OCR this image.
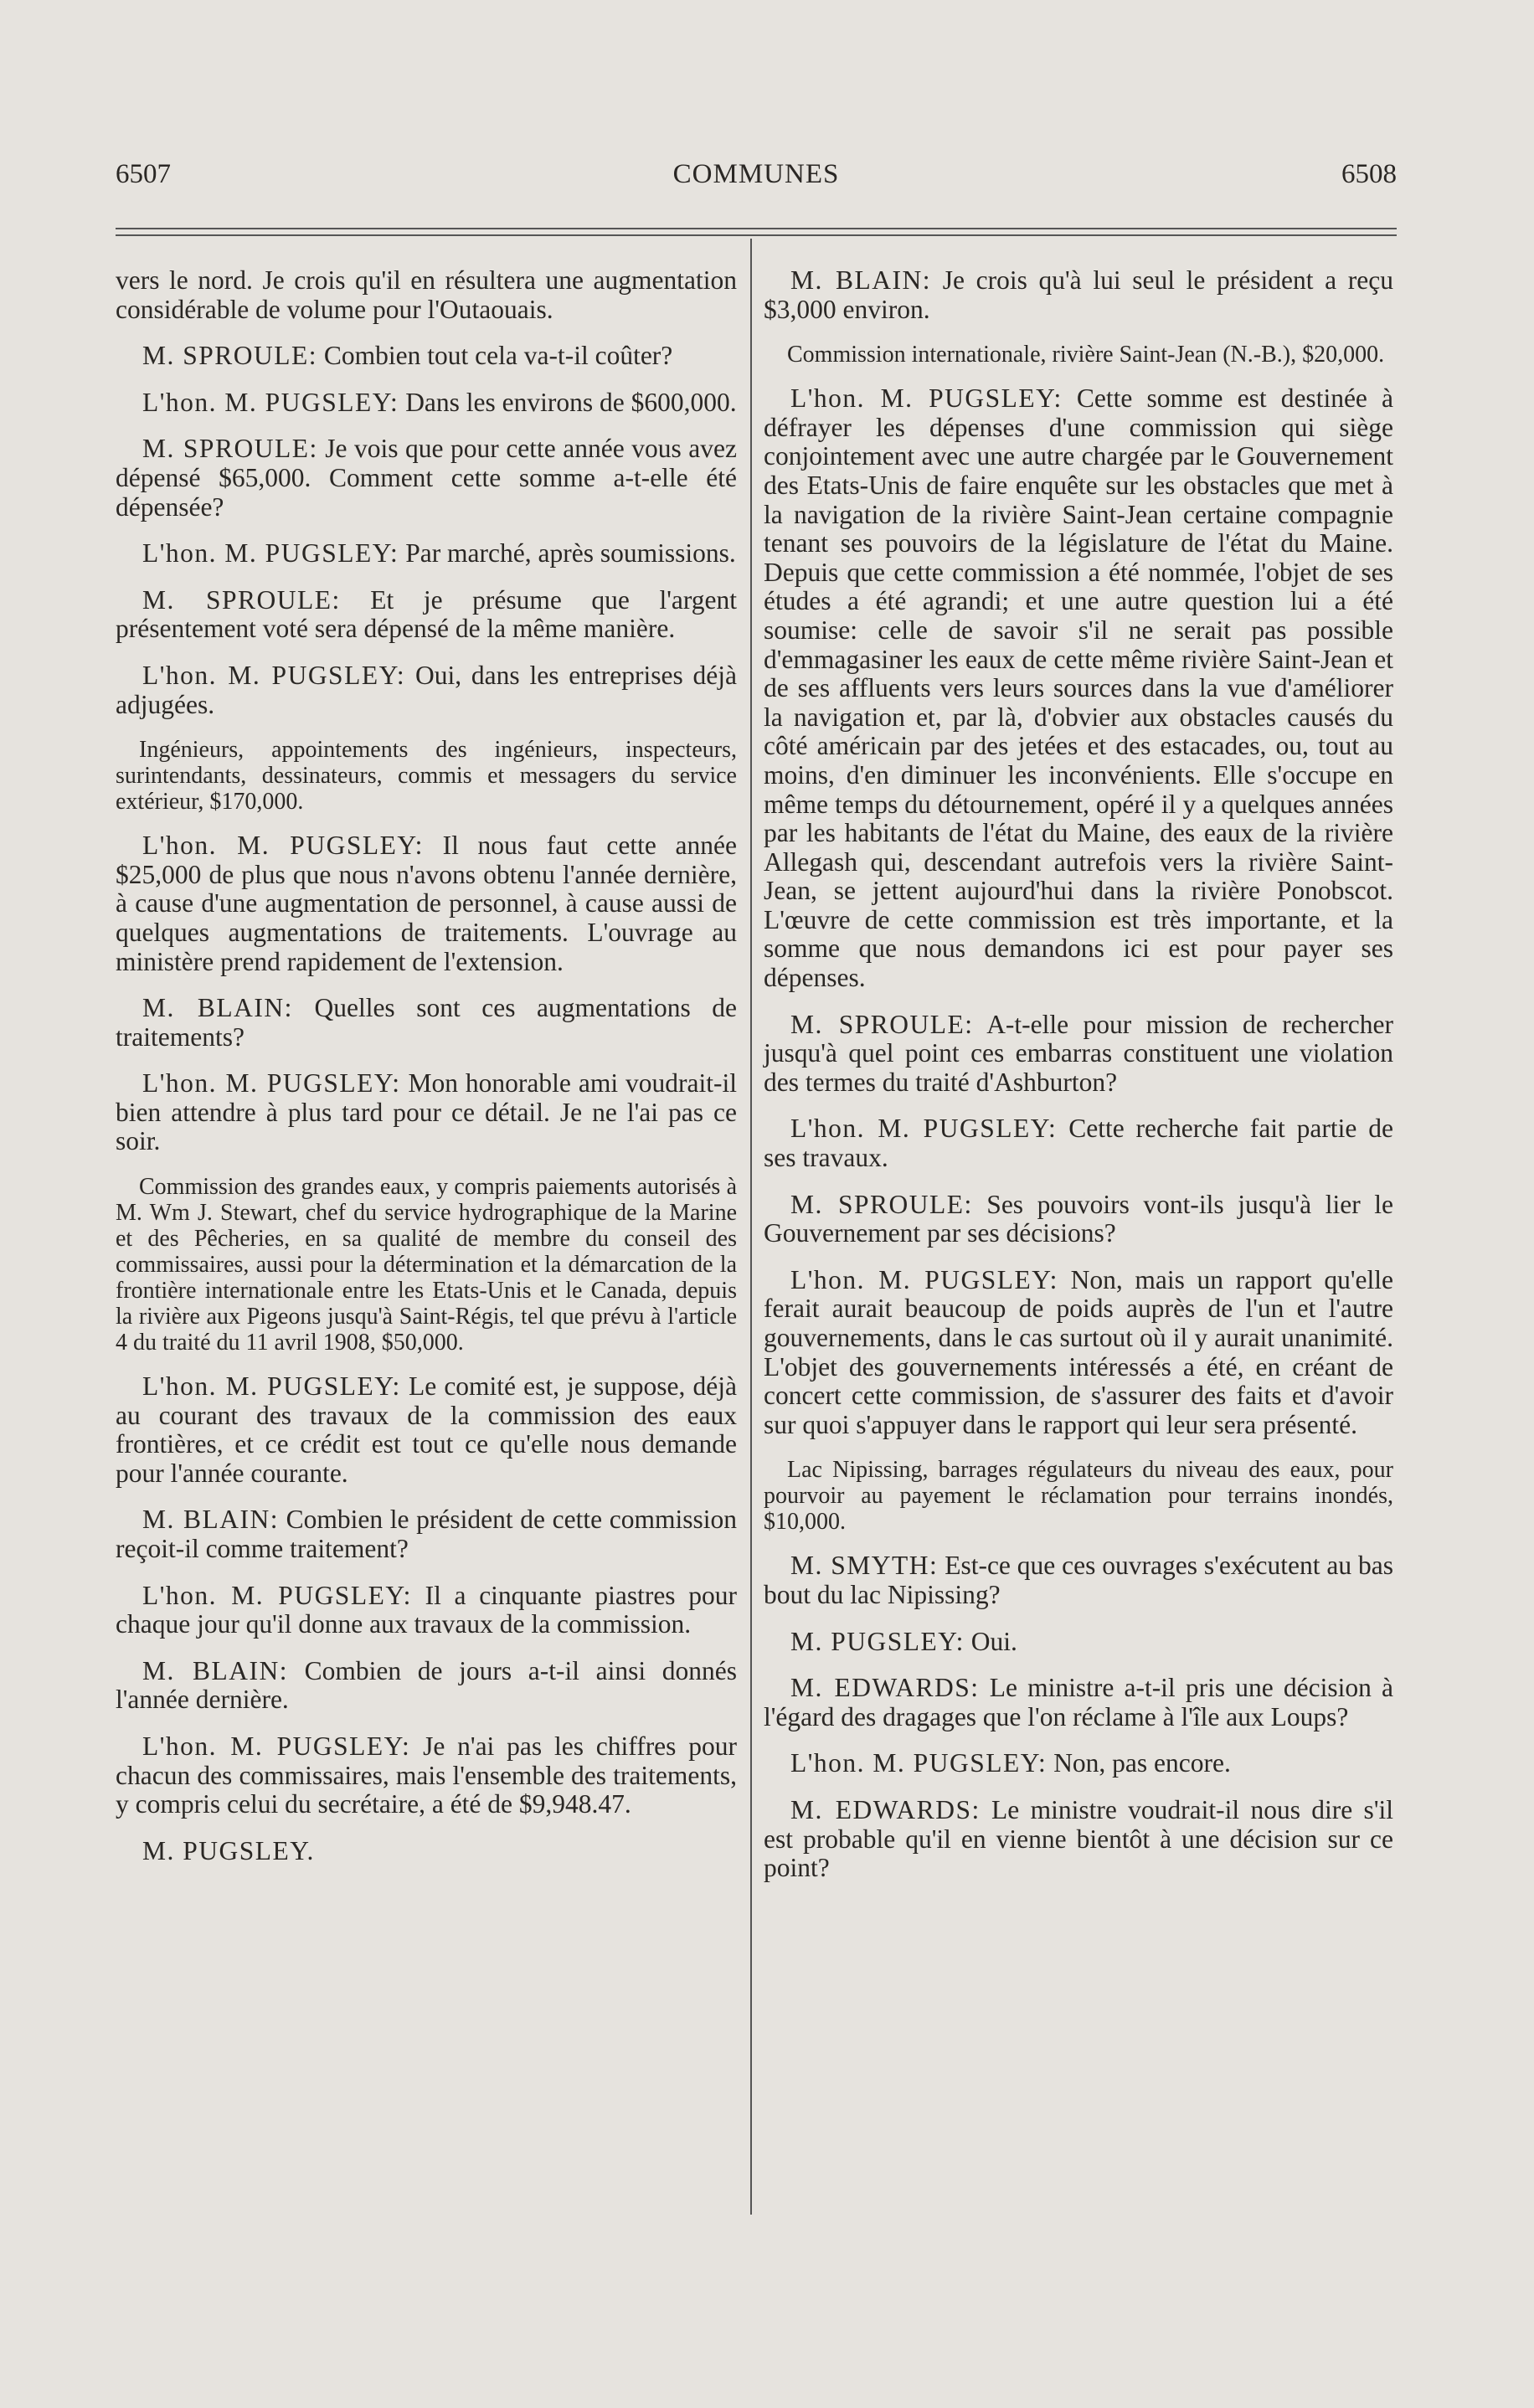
6507	COMMUNES	6508

vers le nord. Je crois qu'il en résultera une augmentation considérable de volume pour l'Outaouais.

M. SPROULE: Combien tout cela va-t-il coûter?

L'hon. M. PUGSLEY: Dans les environs de $600,000.

M. SPROULE: Je vois que pour cette année vous avez dépensé $65,000. Comment cette somme a-t-elle été dépensée?

L'hon. M. PUGSLEY: Par marché, après soumissions.

M. SPROULE: Et je présume que l'argent présentement voté sera dépensé de la même manière.

L'hon. M. PUGSLEY: Oui, dans les entreprises déjà adjugées.

Ingénieurs, appointements des ingénieurs, inspecteurs, surintendants, dessinateurs, commis et messagers du service extérieur, $170,000.

L'hon. M. PUGSLEY: Il nous faut cette année $25,000 de plus que nous n'avons obtenu l'année dernière, à cause d'une augmentation de personnel, à cause aussi de quelques augmentations de traitements. L'ouvrage au ministère prend rapidement de l'extension.

M. BLAIN: Quelles sont ces augmentations de traitements?

L'hon. M. PUGSLEY: Mon honorable ami voudrait-il bien attendre à plus tard pour ce détail. Je ne l'ai pas ce soir.

Commission des grandes eaux, y compris paiements autorisés à M. Wm J. Stewart, chef du service hydrographique de la Marine et des Pêcheries, en sa qualité de membre du conseil des commissaires, aussi pour la détermination et la démarcation de la frontière internationale entre les Etats-Unis et le Canada, depuis la rivière aux Pigeons jusqu'à Saint-Régis, tel que prévu à l'article 4 du traité du 11 avril 1908, $50,000.

L'hon. M. PUGSLEY: Le comité est, je suppose, déjà au courant des travaux de la commission des eaux frontières, et ce crédit est tout ce qu'elle nous demande pour l'année courante.

M. BLAIN: Combien le président de cette commission reçoit-il comme traitement?

L'hon. M. PUGSLEY: Il a cinquante piastres pour chaque jour qu'il donne aux travaux de la commission.

M. BLAIN: Combien de jours a-t-il ainsi donnés l'année dernière.

L'hon. M. PUGSLEY: Je n'ai pas les chiffres pour chacun des commissaires, mais l'ensemble des traitements, y compris celui du secrétaire, a été de $9,948.47.

M. PUGSLEY.

M. BLAIN: Je crois qu'à lui seul le président a reçu $3,000 environ.

Commission internationale, rivière Saint-Jean (N.-B.), $20,000.

L'hon. M. PUGSLEY: Cette somme est destinée à défrayer les dépenses d'une commission qui siège conjointement avec une autre chargée par le Gouvernement des Etats-Unis de faire enquête sur les obstacles que met à la navigation de la rivière Saint-Jean certaine compagnie tenant ses pouvoirs de la législature de l'état du Maine. Depuis que cette commission a été nommée, l'objet de ses études a été agrandi; et une autre question lui a été soumise: celle de savoir s'il ne serait pas possible d'emmagasiner les eaux de cette même rivière Saint-Jean et de ses affluents vers leurs sources dans la vue d'améliorer la navigation et, par là, d'obvier aux obstacles causés du côté américain par des jetées et des estacades, ou, tout au moins, d'en diminuer les inconvénients. Elle s'occupe en même temps du détournement, opéré il y a quelques années par les habitants de l'état du Maine, des eaux de la rivière Allegash qui, descendant autrefois vers la rivière Saint-Jean, se jettent aujourd'hui dans la rivière Ponobscot. L'œuvre de cette commission est très importante, et la somme que nous demandons ici est pour payer ses dépenses.

M. SPROULE: A-t-elle pour mission de rechercher jusqu'à quel point ces embarras constituent une violation des termes du traité d'Ashburton?

L'hon. M. PUGSLEY: Cette recherche fait partie de ses travaux.

M. SPROULE: Ses pouvoirs vont-ils jusqu'à lier le Gouvernement par ses décisions?

L'hon. M. PUGSLEY: Non, mais un rapport qu'elle ferait aurait beaucoup de poids auprès de l'un et l'autre gouvernements, dans le cas surtout où il y aurait unanimité. L'objet des gouvernements intéressés a été, en créant de concert cette commission, de s'assurer des faits et d'avoir sur quoi s'appuyer dans le rapport qui leur sera présenté.

Lac Nipissing, barrages régulateurs du niveau des eaux, pour pourvoir au payement le réclamation pour terrains inondés, $10,000.

M. SMYTH: Est-ce que ces ouvrages s'exécutent au bas bout du lac Nipissing?

M. PUGSLEY: Oui.

M. EDWARDS: Le ministre a-t-il pris une décision à l'égard des dragages que l'on réclame à l'île aux Loups?

L'hon. M. PUGSLEY: Non, pas encore.

M. EDWARDS: Le ministre voudrait-il nous dire s'il est probable qu'il en vienne bientôt à une décision sur ce point?
